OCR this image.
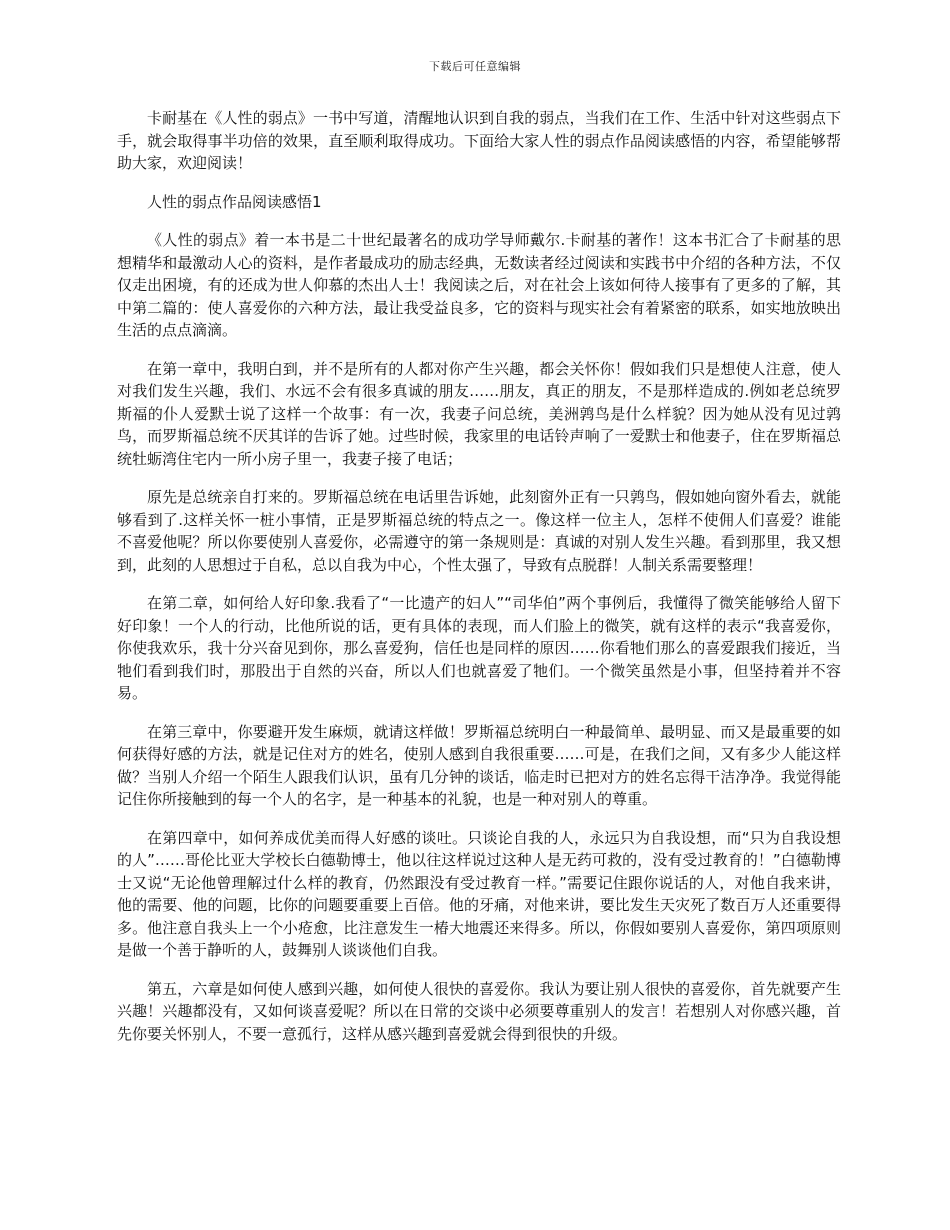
下载后可任意编辑

卡耐基在《人性的弱点》一书中写道，清醒地认识到自我的弱点，当我们在工作、生活中针对这些弱点下手，就会取得事半功倍的效果，直至顺利取得成功。下面给大家人性的弱点作品阅读感悟的内容，希望能够帮助大家，欢迎阅读！

人性的弱点作品阅读感悟1

《人性的弱点》着一本书是二十世纪最著名的成功学导师戴尔.卡耐基的著作！这本书汇合了卡耐基的思想精华和最激动人心的资料，是作者最成功的励志经典，无数读者经过阅读和实践书中介绍的各种方法，不仅仅走出困境，有的还成为世人仰慕的杰出人士！我阅读之后，对在社会上该如何待人接事有了更多的了解，其中第二篇的：使人喜爱你的六种方法，最让我受益良多，它的资料与现实社会有着紧密的联系，如实地放映出生活的点点滴滴。

在第一章中，我明白到，并不是所有的人都对你产生兴趣，都会关怀你！假如我们只是想使人注意，使人对我们发生兴趣，我们、水远不会有很多真诚的朋友……朋友，真正的朋友，不是那样造成的.例如老总统罗斯福的仆人爱默士说了这样一个故事：有一次，我妻子问总统，美洲鹑鸟是什么样貌？因为她从没有见过鹑鸟，而罗斯福总统不厌其详的告诉了她。过些时候，我家里的电话铃声响了一爱默士和他妻子，住在罗斯福总统牡蛎湾住宅内一所小房子里一，我妻子接了电话；

原先是总统亲自打来的。罗斯福总统在电话里告诉她，此刻窗外正有一只鹑鸟，假如她向窗外看去，就能够看到了.这样关怀一桩小事情，正是罗斯福总统的特点之一。像这样一位主人，怎样不使佣人们喜爱？谁能不喜爱他呢？所以你要使别人喜爱你，必需遵守的第一条规则是：真诚的对别人发生兴趣。看到那里，我又想到，此刻的人思想过于自私，总以自我为中心，个性太强了，导致有点脱群！人制关系需要整理！

在第二章，如何给人好印象.我看了“一比遗产的妇人”“司华伯”两个事例后，我懂得了微笑能够给人留下好印象！一个人的行动，比他所说的话，更有具体的表现，而人们脸上的微笑，就有这样的表示“我喜爱你，你使我欢乐，我十分兴奋见到你，那么喜爱狗，信任也是同样的原因……你看牠们那么的喜爱跟我们接近，当牠们看到我们时，那股出于自然的兴奋，所以人们也就喜爱了牠们。一个微笑虽然是小事，但坚持着并不容易。

在第三章中，你要避开发生麻烦，就请这样做！罗斯福总统明白一种最简单、最明显、而又是最重要的如何获得好感的方法，就是记住对方的姓名，使别人感到自我很重要……可是，在我们之间，又有多少人能这样做？当别人介绍一个陌生人跟我们认识，虽有几分钟的谈话，临走时已把对方的姓名忘得干洁净净。我觉得能记住你所接触到的每一个人的名字，是一种基本的礼貌，也是一种对别人的尊重。

在第四章中，如何养成优美而得人好感的谈吐。只谈论自我的人，永远只为自我设想，而“只为自我设想的人”……哥伦比亚大学校长白德勒博士，他以往这样说过这种人是无药可救的，没有受过教育的！”白德勒博士又说“无论他曾理解过什么样的教育，仍然跟没有受过教育一样。”需要记住跟你说话的人，对他自我来讲，他的需要、他的问题，比你的问题要重要上百倍。他的牙痛，对他来讲，要比发生天灾死了数百万人还重要得多。他注意自我头上一个小疮愈，比注意发生一椿大地震还来得多。所以，你假如要别人喜爱你，第四项原则是做一个善于静听的人，鼓舞别人谈谈他们自我。

第五，六章是如何使人感到兴趣，如何使人很快的喜爱你。我认为要让别人很快的喜爱你，首先就要产生兴趣！兴趣都没有，又如何谈喜爱呢？所以在日常的交谈中必须要尊重别人的发言！若想别人对你感兴趣，首先你要关怀别人，不要一意孤行，这样从感兴趣到喜爱就会得到很快的升级。
